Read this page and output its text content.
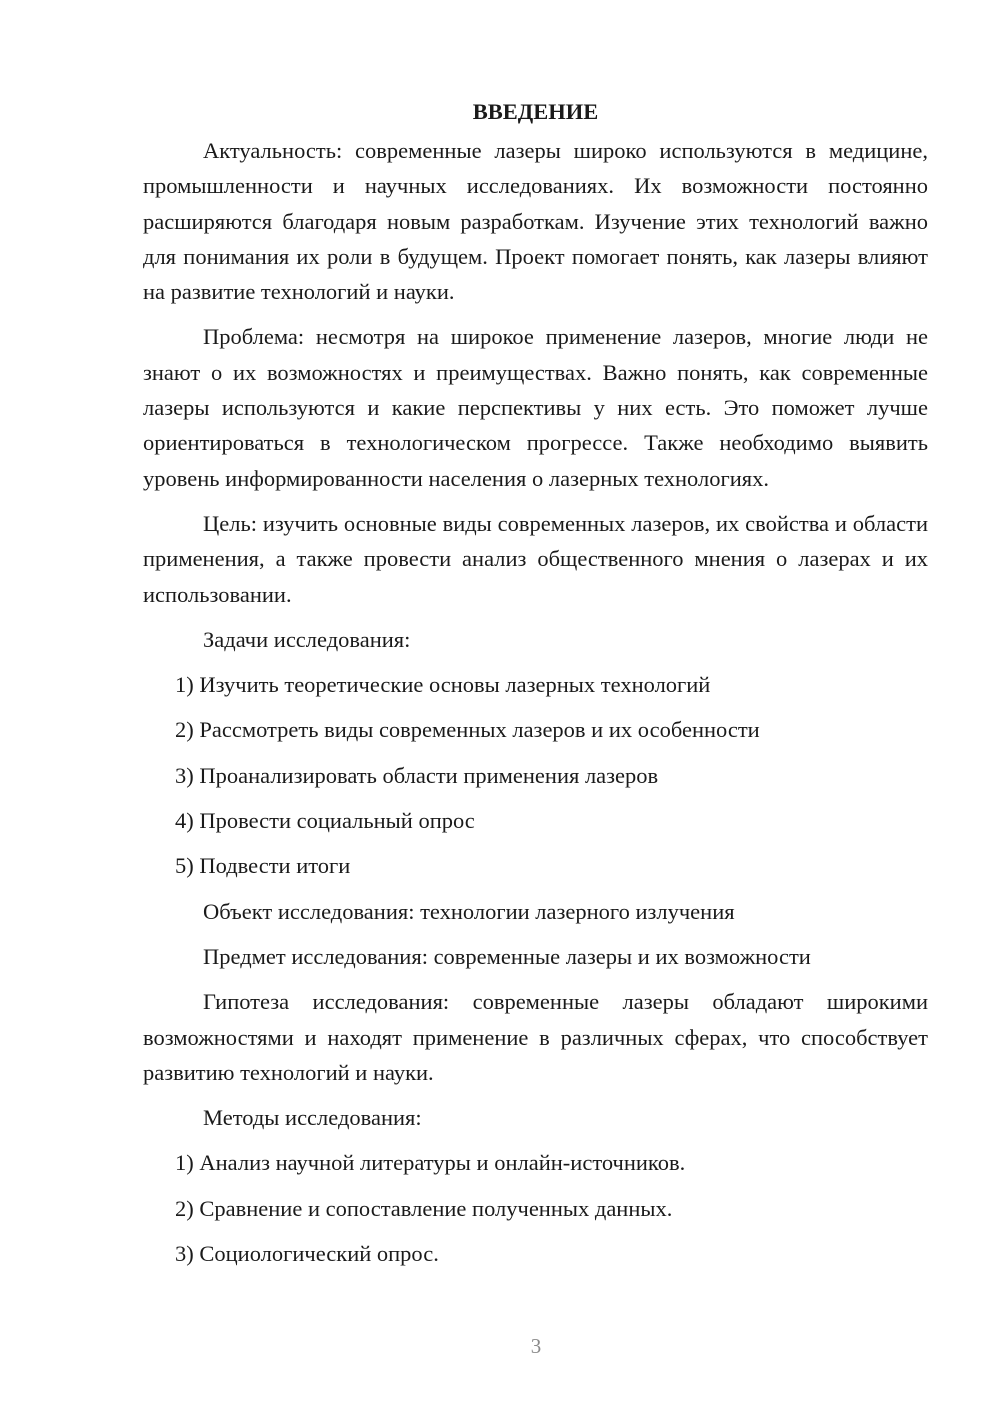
ВВЕДЕНИЕ
Актуальность: современные лазеры широко используются в медицине, промышленности и научных исследованиях. Их возможности постоянно расширяются благодаря новым разработкам. Изучение этих технологий важно для понимания их роли в будущем. Проект помогает понять, как лазеры влияют на развитие технологий и науки.
Проблема: несмотря на широкое применение лазеров, многие люди не знают о их возможностях и преимуществах. Важно понять, как современные лазеры используются и какие перспективы у них есть. Это поможет лучше ориентироваться в технологическом прогрессе. Также необходимо выявить уровень информированности населения о лазерных технологиях.
Цель: изучить основные виды современных лазеров, их свойства и области применения, а также провести анализ общественного мнения о лазерах и их использовании.
Задачи исследования:
1) Изучить теоретические основы лазерных технологий
2) Рассмотреть виды современных лазеров и их особенности
3) Проанализировать области применения лазеров
4) Провести социальный опрос
5) Подвести итоги
Объект исследования: технологии лазерного излучения
Предмет исследования: современные лазеры и их возможности
Гипотеза исследования: современные лазеры обладают широкими возможностями и находят применение в различных сферах, что способствует развитию технологий и науки.
Методы исследования:
1) Анализ научной литературы и онлайн-источников.
2) Сравнение и сопоставление полученных данных.
3) Социологический опрос.
3
